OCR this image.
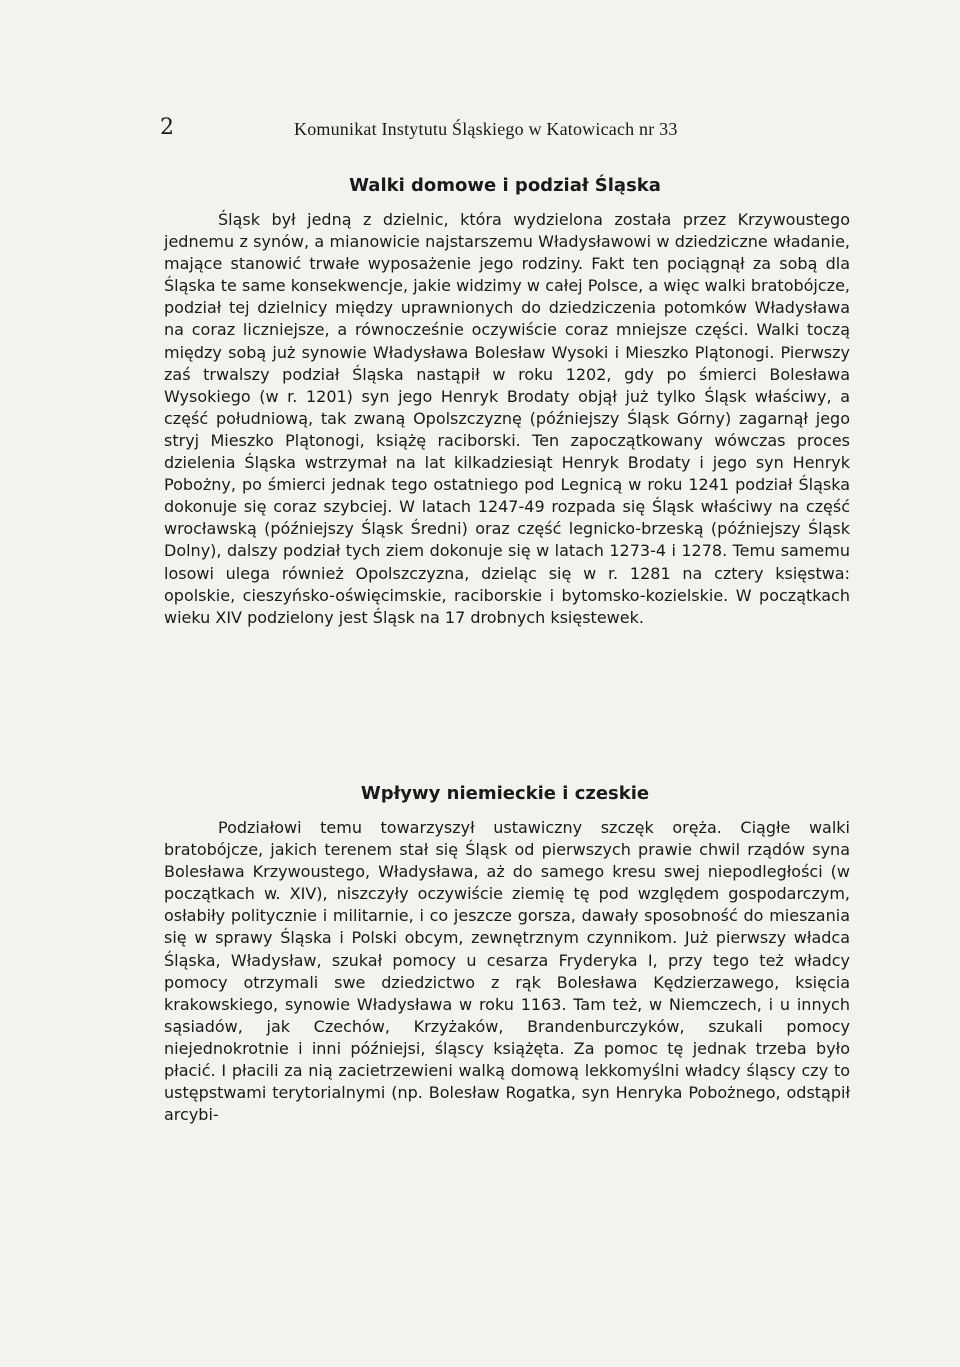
2	Komunikat Instytutu Śląskiego w Katowicach nr 33
Walki domowe i podział Śląska

Śląsk był jedną z dzielnic, która wydzielona została przez Krzywoustego jednemu z synów, a mianowicie najstarszemu Władysławowi w dziedziczne władanie, mające stanowić trwałe wyposażenie jego rodziny. Fakt ten pociągnął za sobą dla Śląska te same konsekwencje, jakie widzimy w całej Polsce, a więc walki bratobójcze, podział tej dzielnicy między uprawnionych do dziedziczenia potomków Władysława na coraz liczniejsze, a równocześnie oczywiście coraz mniejsze części. Walki toczą między sobą już synowie Władysława Bolesław Wysoki i Mieszko Plątonogi. Pierwszy zaś trwalszy podział Śląska nastąpił w roku 1202, gdy po śmierci Bolesława Wysokiego (w r. 1201) syn jego Henryk Brodaty objął już tylko Śląsk właściwy, a część południową, tak zwaną Opolszczyznę (późniejszy Śląsk Górny) zagarnął jego stryj Mieszko Plątonogi, książę raciborski. Ten zapoczątkowany wówczas proces dzielenia Śląska wstrzymał na lat kilkadziesiąt Henryk Brodaty i jego syn Henryk Pobożny, po śmierci jednak tego ostatniego pod Legnicą w roku 1241 podział Śląska dokonuje się coraz szybciej. W latach 1247-49 rozpada się Śląsk właściwy na część wrocławską (późniejszy Śląsk Średni) oraz część legnicko-brzeską (późniejszy Śląsk Dolny), dalszy podział tych ziem dokonuje się w latach 1273-4 i 1278. Temu samemu losowi ulega również Opolszczyzna, dzieląc się w r. 1281 na cztery księstwa: opolskie, cieszyńsko-oświęcimskie, raciborskie i bytomsko-kozielskie. W początkach wieku XIV podzielony jest Śląsk na 17 drobnych księstewek.

Wpływy niemieckie i czeskie

Podziałowi temu towarzyszył ustawiczny szczęk oręża. Ciągłe walki bratobójcze, jakich terenem stał się Śląsk od pierwszych prawie chwil rządów syna Bolesława Krzywoustego, Władysława, aż do samego kresu swej niepodległości (w początkach w. XIV), niszczyły oczywiście ziemię tę pod względem gospodarczym, osłabiły politycznie i militarnie, i co jeszcze gorsza, dawały sposobność do mieszania się w sprawy Śląska i Polski obcym, zewnętrznym czynnikom. Już pierwszy władca Śląska, Władysław, szukał pomocy u cesarza Fryderyka I, przy tego też władcy pomocy otrzymali swe dziedzictwo z rąk Bolesława Kędzierzawego, księcia krakowskiego, synowie Władysława w roku 1163. Tam też, w Niemczech, i u innych sąsiadów, jak Czechów, Krzyżaków, Brandenburczyków, szukali pomocy niejednokrotnie i inni późniejsi, śląscy książęta. Za pomoc tę jednak trzeba było płacić. I płacili za nią zacietrzewieni walką domową lekkomyślni władcy śląscy czy to ustępstwami terytorialnymi (np. Bolesław Rogatka, syn Henryka Pobożnego, odstąpił arcybi-
